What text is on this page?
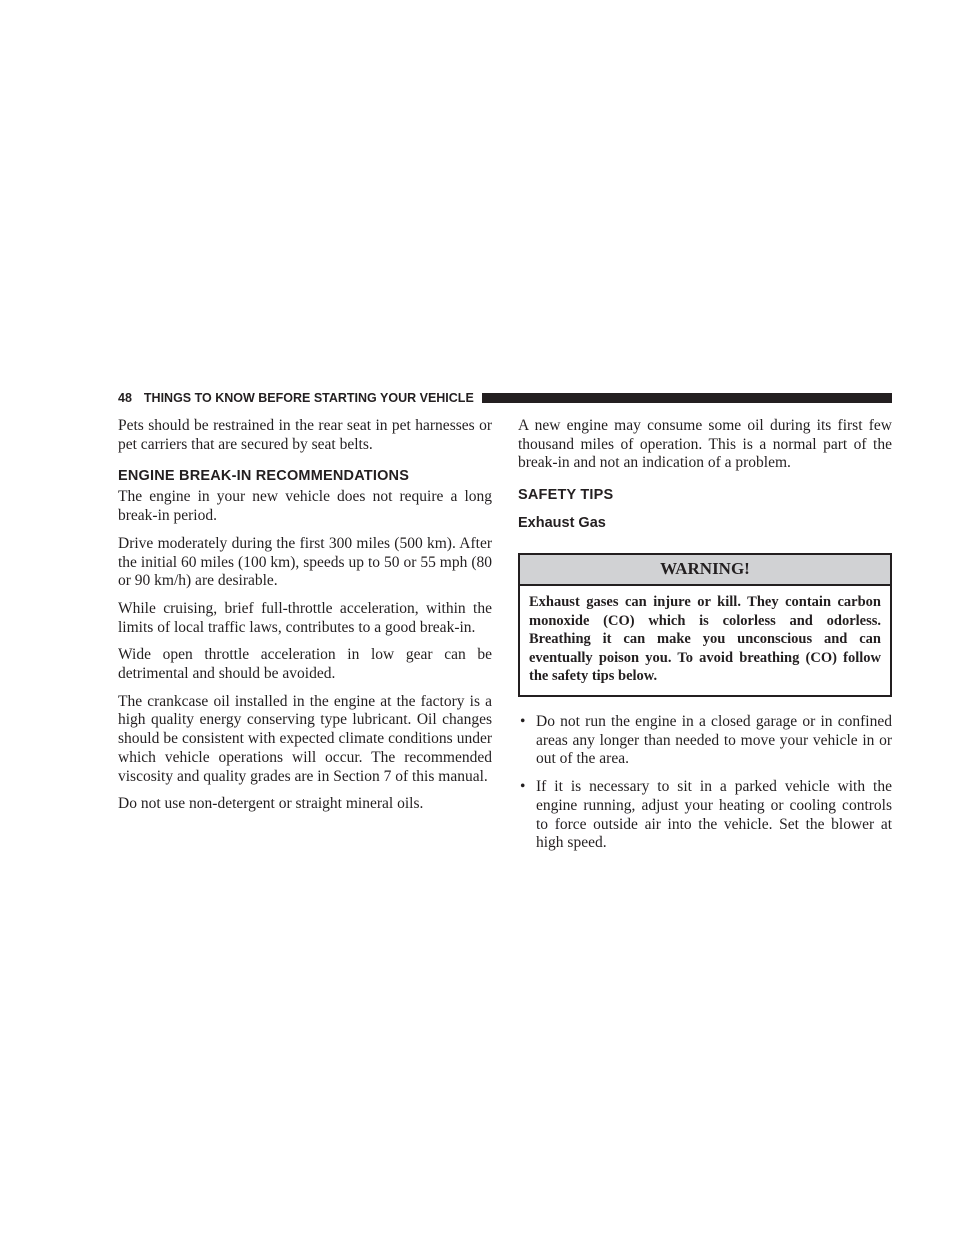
48 THINGS TO KNOW BEFORE STARTING YOUR VEHICLE

Pets should be restrained in the rear seat in pet harnesses or pet carriers that are secured by seat belts.

ENGINE BREAK-IN RECOMMENDATIONS

The engine in your new vehicle does not require a long break-in period.

Drive moderately during the first 300 miles (500 km). After the initial 60 miles (100 km), speeds up to 50 or 55 mph (80 or 90 km/h) are desirable.

While cruising, brief full-throttle acceleration, within the limits of local traffic laws, contributes to a good break-in.

Wide open throttle acceleration in low gear can be detrimental and should be avoided.

The crankcase oil installed in the engine at the factory is a high quality energy conserving type lubricant. Oil changes should be consistent with expected climate conditions under which vehicle operations will occur. The recommended viscosity and quality grades are in Section 7 of this manual.

Do not use non-detergent or straight mineral oils.

A new engine may consume some oil during its first few thousand miles of operation. This is a normal part of the break-in and not an indication of a problem.

SAFETY TIPS
Exhaust Gas
WARNING!
Exhaust gases can injure or kill. They contain carbon monoxide (CO) which is colorless and odorless. Breathing it can make you unconscious and can eventually poison you. To avoid breathing (CO) follow the safety tips below.
• Do not run the engine in a closed garage or in confined areas any longer than needed to move your vehicle in or out of the area.
• If it is necessary to sit in a parked vehicle with the engine running, adjust your heating or cooling controls to force outside air into the vehicle. Set the blower at high speed.
